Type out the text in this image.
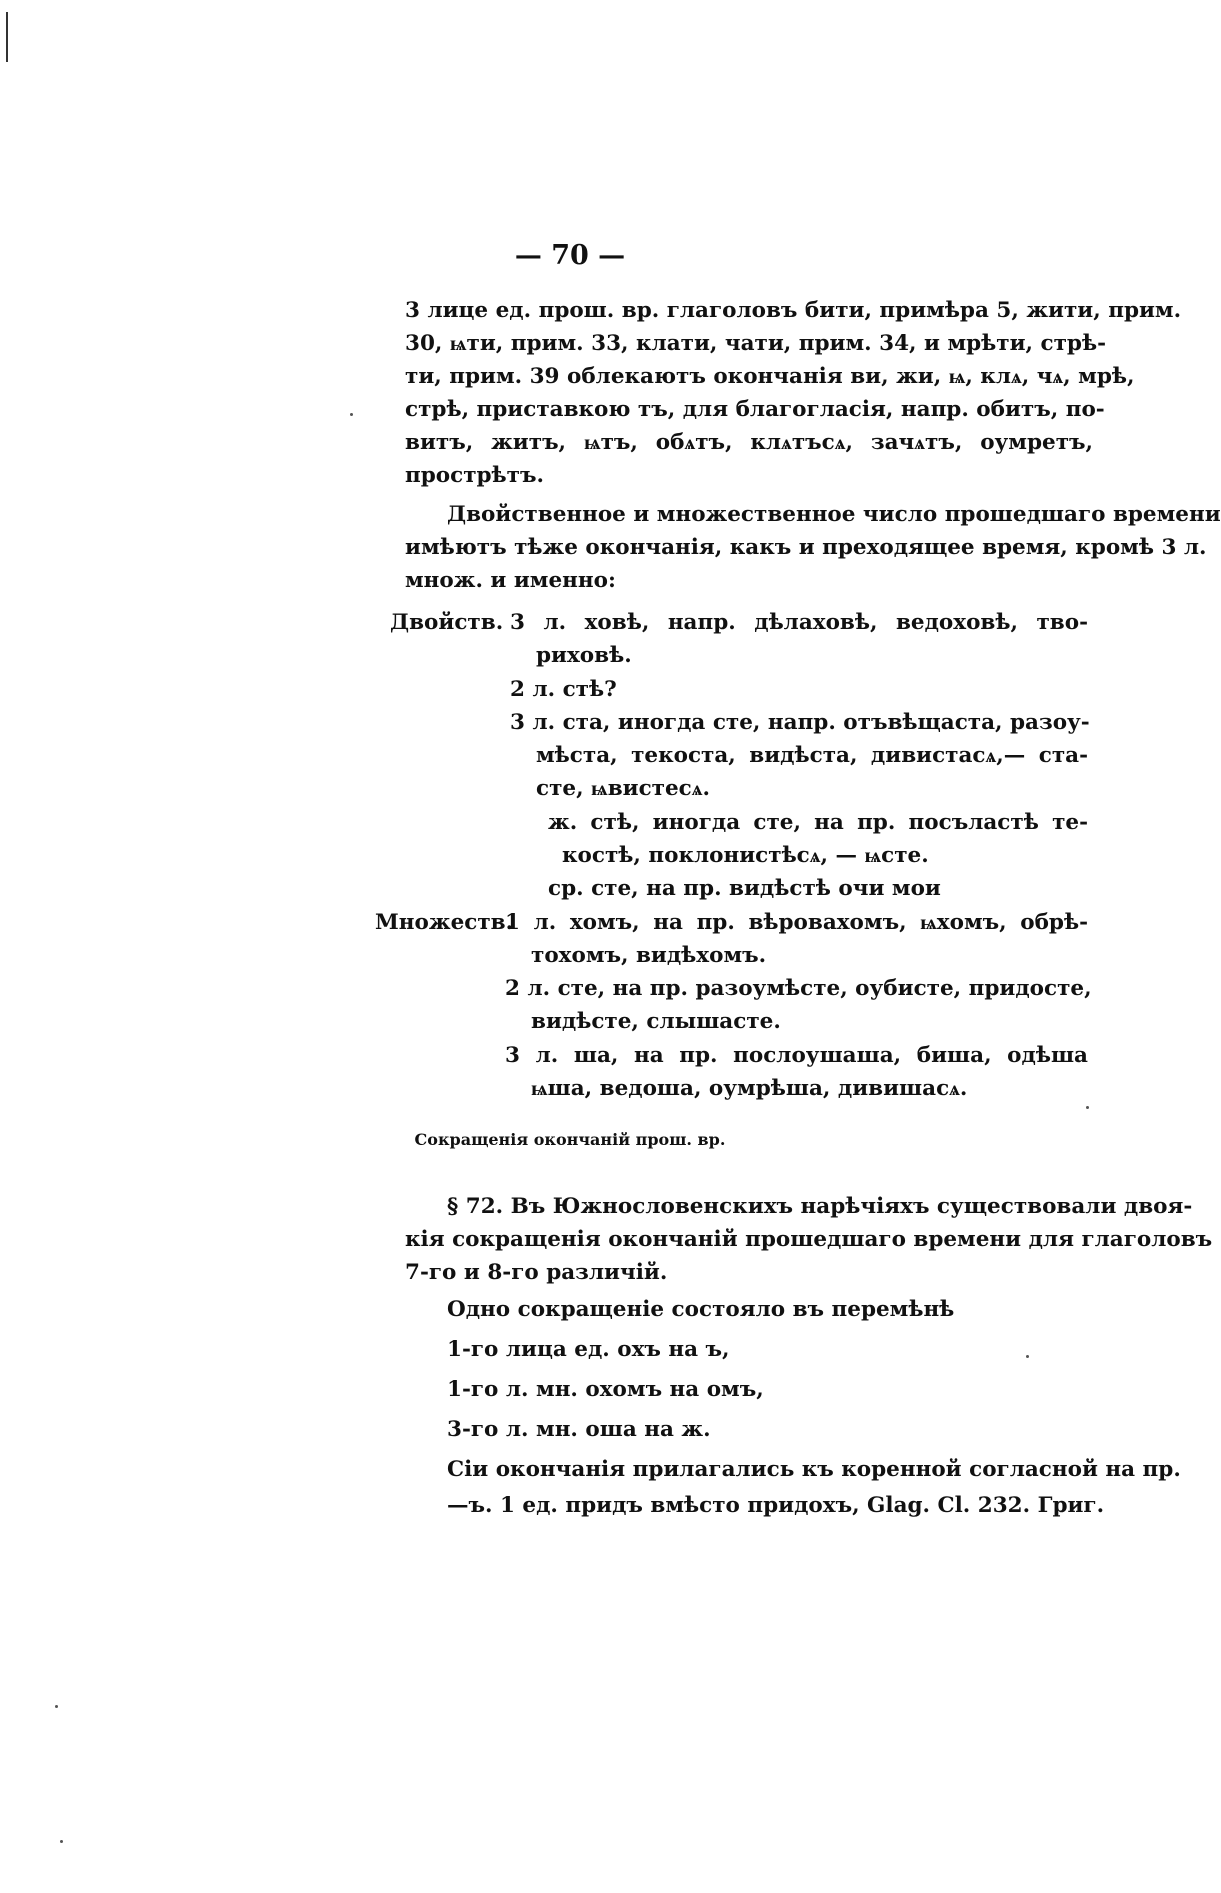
— 70 —
3 лице ед. прош. вр. глаголовъ бити, примѣра 5, жити, прим.
30, ѩти, прим. 33, клати, чати, прим. 34, и мрѣти, стрѣ-
ти, прим. 39 облекаютъ окончанія ви, жи, ѩ, клѧ, чѧ, мрѣ,
стрѣ, приставкою тъ, для благогласія, напр. обитъ, по-
витъ, житъ, ѩтъ, обѧтъ, клѧтъсѧ, зачѧтъ, оумретъ,
прострѣтъ.
Двойственное и множественное число прошедшаго времени
имѣютъ тѣже окончанія, какъ и преходящее время, кромѣ 3 л.
множ. и именно:
Двойств. 3 л. ховѣ, напр. дѣлаховѣ, ведоховѣ, тво-
риховѣ.
2 л. стѣ?
3 л. ста, иногда сте, напр. отъвѣщаста, разоу-
мѣста, текоста, видѣста, дивистасѧ,— ста-
сте, ѩвистесѧ.
ж. стѣ, иногда сте, на пр. посъластѣ те-
костѣ, поклонистѣсѧ, — ѩсте.
ср. сте, на пр. видѣстѣ очи мои
Множеств.
1 л. хомъ, на пр. вѣровахомъ, ѩхомъ, обрѣ-
тохомъ, видѣхомъ.
2 л. сте, на пр. разоумѣсте, оубисте, придосте,
видѣсте, слышасте.
3 л. ша, на пр. послоушаша, биша, одѣша
ѩша, ведоша, оумрѣша, дивишасѧ.
Сокращенія окончаній прош. вр.
§ 72. Въ Южнословенскихъ нарѣчіяхъ существовали двоя-
кія сокращенія окончаній прошедшаго времени для глаголовъ
7-го и 8-го различій.
Одно сокращеніе состояло въ перемѣнѣ
1-го лица ед. охъ на ъ,
1-го л. мн. охомъ на омъ,
3-го л. мн. оша на ж.
Сіи окончанія прилагались къ коренной согласной на пр.
—ъ. 1 ед. придъ вмѣсто придохъ, Glag. Cl. 232. Григ.
